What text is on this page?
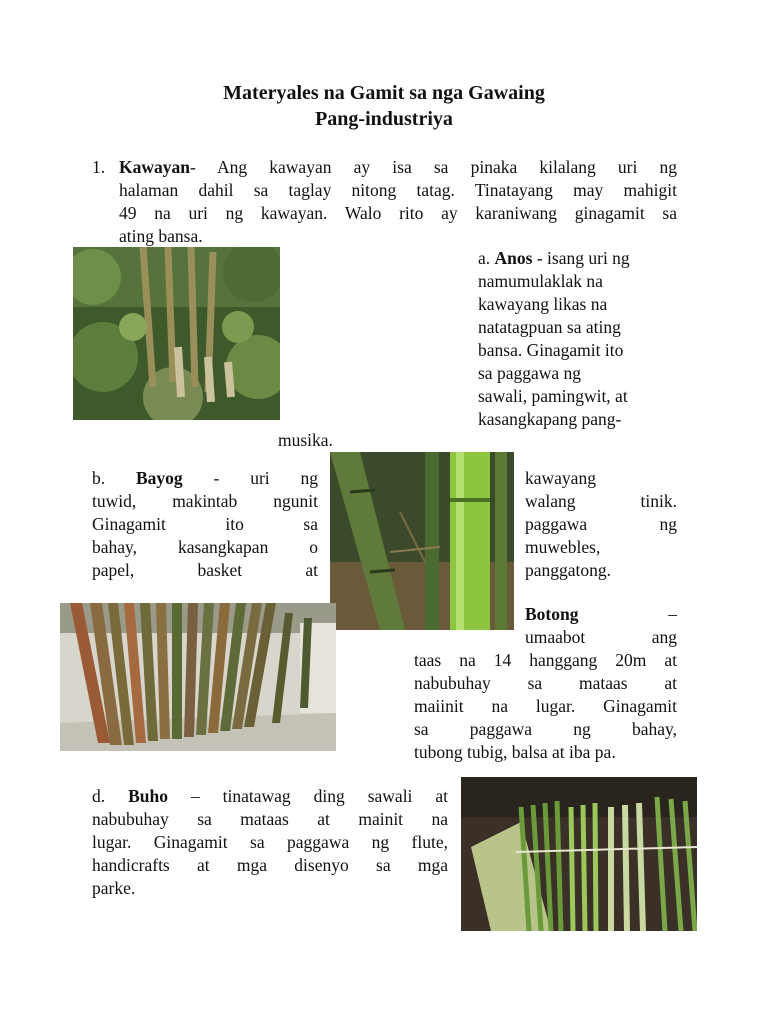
Materyales na Gamit sa nga Gawaing
Pang-industriya
1. Kawayan- Ang kawayan ay isa sa pinaka kilalang uri ng
halaman dahil sa taglay nitong tatag. Tinatayang may mahigit
49 na uri ng kawayan. Walo rito ay karaniwang ginagamit sa
ating bansa.
a. Anos - isang uri ng
namumulaklak na
kawayang likas na
natatagpuan sa ating
bansa. Ginagamit ito
sa paggawa ng
sawali, pamingwit, at
kasangkapang pang-
musika.
b. Bayog - uri ng
tuwid, makintab ngunit
Ginagamit ito sa
bahay, kasangkapan o
papel, basket at
kawayang
walang tinik.
paggawa ng
muwebles,
panggatong.
Botong	–
umaabot ang
taas na 14 hanggang 20m at
nabubuhay sa mataas at
maiinit na lugar. Ginagamit
sa paggawa ng bahay,
tubong tubig, balsa at iba pa.
d. Buho – tinatawag ding sawali at
nabubuhay sa mataas at mainit na
lugar. Ginagamit sa paggawa ng flute,
handicrafts at mga disenyo sa mga
parke.
